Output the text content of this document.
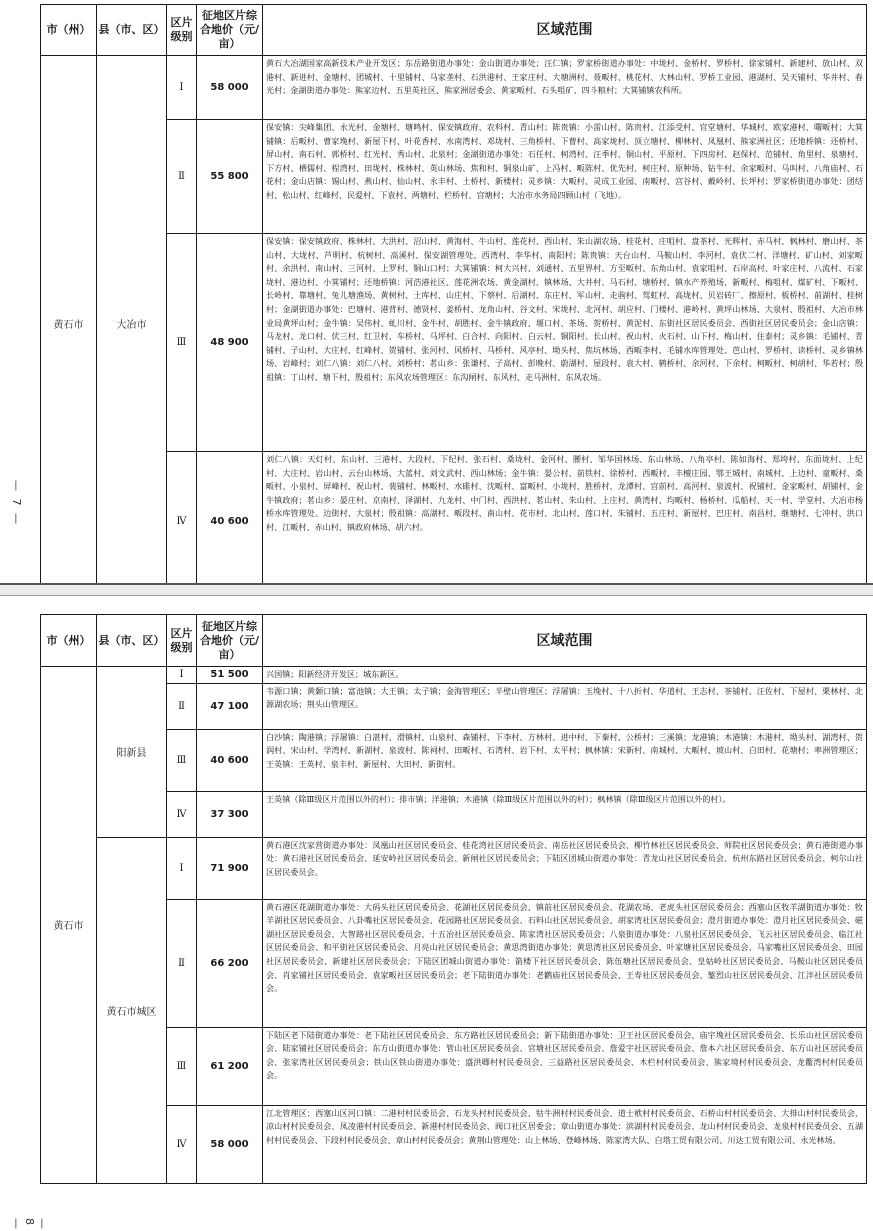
— 7 —
市（州）	县（市、区）	区片级别	征地区片综合地价（元/亩）	区域范围
黄石市	大冶市	Ⅰ	58 000	黄石大冶湖国家高新技术产业开发区；东岳路街道办事处：金山街道办事处；汪仁镇；罗家桥街道办事处：中垅村、金桥村、罗桥村、徐家铺村、新建村、放山村、双港村、新进村、金塘村、团城村、十里铺村、马家垄村、石洪港村、王家庄村、大塘洲村、聂畈村、桃花村、大林山村、罗桥工业园、港湖村、吴天铺村、华井村、春光村；金湖街道办事处：熊家边村、五里英社区、熊家洲居委会、黄家畈村、石头咀矿、四斗粮村；大箕铺镇农科所。
		Ⅱ	55 800	保安镇：尖峰集团、永光村、金塘村、塘鸣村、保安镇政府、农科村、青山村；陈贵镇：小雷山村、陈贵村、江添受村、官堂塘村、华城村、欧家港村、曙畈村；大箕铺镇：后畈村、曹家堍村、新屋下村、叶花香村、水南湾村、邓垅村、三角桥村、下曹村、高家垅村、顶立塘村、柳林村、凤凰村、熊家洲社区；还地桥镇：还桥村、屏山村、南石村、郭桥村、红光村、秀山村、北泉村；金湖街道办事处：石任村、柯湾村、汪季村、铜山村、平原村、下四房村、赵保村、范铺村、角里村、泉塘村、下方村、栖儒村、程湾村、田垅村、株林村、英山林场、焦和村、铜泉山矿、上冯村、畈陈村、优先村、柯庄村、原种场、钻牛村、余家畈村、马叫村、八角庙村、石花村；金山店镇：锡山村、燕山村、仙山村、永丰村、土桥村、新楼村；灵乡镇：大畈村、灵成工业园、南畈村、宫谷村、戴岭村、长坪村；罗家桥街道办事处：团结村、松山村、红峰村、民爱村、下袁村、两塘村、栏桥村、宫塘村；大冶市水务局四顾山村（飞地）。
		Ⅲ	48 900	保安镇：保安镇政府、株林村、大洪村、沼山村、黄海村、牛山村、莲花村、西山村、朱山湖农场、桂花村、庄咀村、盘茶村、光辉村、赤马村、枫林村、磨山村、茶山村、大垅村、芦明村、杭树村、高溪村、保安湖管理处、西湾村、李华村、南阳村；陈贵镇：天台山村、马鞍山村、李河村、袁伏二村、洋塘村、矿山村、刘家畈村、余洪村、南山村、三河村、上罗村、铜山口村；大箕铺镇：柯大兴村、刘通村、五里界村、方至畈村、东角山村、袁家咀村、石岸高村、叶家庄村、八流村、石家垅村、港边村、小箕铺村；还地桥镇：河浩港社区、莲花洲农场、黄金湖村、镇林场、大井村、马石村、塘桥村、镇水产养殖场、新畈村、梅咀村、煤矿村、下畈村、长岭村、靠塘村、兔儿塘渔场、黄树村、土库村、山庄村、下蔡村、后湖村、东庄村、军山村、走驹村、驾虹村、高垅村、贝岩砖厂、擦原村、板桥村、前湖村、桂树村；金湖街道办事处：巴塘村、港背村、德贤村、姜桥村、龙角山村、谷文村、宋垅村、北河村、胡应村、门楼村、港岭村、黄坪山林场、大泉村、殷祖村、大冶市林业局黄坪山村；金牛镇：吴伟村、虬川村、金牛村、胡胜村、金牛镇政府、堰口村、茶场、贺桥村、黄泥村、东街社区居民委员会、西街社区居民委员会；金山店镇：马龙村、龙口村、伏三村、红卫村、车桥村、马坪村、白合村、向阳村、白云村、铜阳村、长山村、祝山村、火石村、山下村、梅山村、住泰村；灵乡镇：毛铺村、青铺村、子山村、大庄村、红峰村、贺铺村、张河村、风桥村、马桥村、风亭村、坳头村、焦坑林场、西畈李村、毛铺水库管理处、芭山村、罗桥村、读桥村、灵乡镇林场、岩峰村；刘仁八镇：刘仁八村、刘桥村；茗山乡：张谦村、子高村、彭晚村、蔚湖村、屋段村、袁大村、鹤桥村、余河村、下余村、柯畈村、柯胡村、华若村；殷祖镇：丁山村、塘下村、殷祖村；东风农场管理区：东沟闸村、东风村、走马洲村、东风农场。
		Ⅳ	40 600	刘仁八镇：天灯村、东山村、三港村、大段村、下纪村、张石村、桑垅村、金河村、腰村、邹华国林场、东山林场、八角亭村、陈如海村、郑垮村、东面垅村、上纪村、大庄村、岩山村、云台山林场、大蓝村、刘文武村、西山林场；金牛镇：晏公村、前铁村、徐桥村、西畈村、丰檀庄园、鄂王城村、南城村、上边村、童畈村、桑畈村、小泉村、屏峰村、祝山村、裴铺村、林畈村、水碓村、沈畈村、富畈村、小垅村、胜桥村、龙潭村、宫前村、高河村、泉波村、祝铺村、金家畈村、胡铺村、金牛镇政府；茗山乡：晏庄村、京南村、泽湖村、九龙村、中门村、西洪村、茗山村、朱山村、上庄村、黄湾村、均畈村、杨桥村、瓜船村、天一村、学堂村、大冶市杨桥水库管理处、边街村、大泉村；殷祖镇：高湖村、畈段村、南山村、花市村、北山村、莲口村、朱铺村、五庄村、新屋村、巴庄村、南昌村、继塘村、七冲村、洪口村、江畈村、赤山村、镇政府林场、胡六村。
— 8 —
市（州）	县（市、区）	区片级别	征地区片综合地价（元/亩）	区域范围
黄石市	阳新县	Ⅰ	51 500	兴国镇；阳新经济开发区；城东新区。
		Ⅱ	47 100	韦源口镇；黄颡口镇；富池镇；大王镇；太子镇；金海管理区；半壁山管理区；浮屠镇：玉堍村、十八折村、华道村、王志村、茶铺村、汪佐村、下屋村、栗林村、北源湖农场；荆头山管理区。
		Ⅲ	40 600	白沙镇；陶港镇；浮屠镇：白湛村、滑镇村、山泉村、森铺村、下李村、方林村、进中村、下秦村、公桥村；三溪镇；龙港镇；木港镇：木港村、坳头村、湖湾村、贺润村、宋山村、学湾村、新湖村、泉波村、陈祠村、田畈村、石湾村、岩下村、太平村；枫林镇：宋新村、南城村、大畈村、坡山村、白田村、花塘村；率洲管理区；王英镇：王英村、泉丰村、新屋村、大田村、新街村。
		Ⅳ	37 300	王英镇（除Ⅲ级区片范围以外的村）；排市镇；洋港镇；木港镇（除Ⅲ级区片范围以外的村）；枫林镇（除Ⅲ级区片范围以外的村）。
	黄石市城区	Ⅰ	71 900	黄石港区沈家营街道办事处：凤凰山社区居民委员会、桂花湾社区居民委员会、南岳社区居民委员会、柳竹林社区居民委员会、师院社区居民委员会；黄石港街道办事处：黄石港社区居民委员会、延安岭社区居民委员会、新闸社区居民委员会；下陆区团城山街道办事处：青龙山社区居民委员会、杭州东路社区居民委员会、柯尔山社区居民委员会。
		Ⅱ	66 200	黄石港区花湖街道办事处：大码头社区居民委员会、花湖社区居民委员会、镇前社区居民委员会、花湖农场、老虎头社区居民委员会；西塞山区牧羊湖街道办事处：牧羊湖社区居民委员会、八卦嘴社区居民委员会、花园路社区居民委员会、石料山社区居民委员会、胡家湾社区居民委员会；澄月街道办事处：澄月社区居民委员会、磁湖社区居民委员会、大智路社区居民委员会、十五冶社区居民委员会、陈家湾社区居民委员会；八泉街道办事处：八泉社区居民委员会、飞云社区居民委员会、临江社区居民委员会、和平街社区居民委员会、月亮山社区居民委员会；黄思湾街道办事处：黄思湾社区居民委员会、叶家塘社区居民委员会、马家嘴社区居民委员会、田园社区居民委员会、新建社区居民委员会；下陆区团城山街道办事处：箭楼下社区居民委员会、陈伍塘社区居民委员会、皇姑岭社区居民委员会、马鞍山社区居民委员会、肖家铺社区居民委员会、袁家畈社区居民委员会；老下陆街道办事处：老鹳庙社区居民委员会、王寿社区居民委员会、錾烈山社区居民委员会、江泮社区居民委员会。
		Ⅲ	61 200	下陆区老下陆街道办事处：老下陆社区居民委员会、东方路社区居民委员会；新下陆街道办事处：卫王社区居民委员会、庙宇堍社区居民委员会、长乐山社区居民委员会、陆家铺社区居民委员会；东方山街道办事处：管山社区居民委员会、官塘社区居民委员会、詹爱宇社区居民委员会、詹本六社区居民委员会、东方山社区居民委员会、张家湾社区居民委员会；铁山区铁山街道办事处：盛洪卿村村民委员会、三益路社区居民委员会、木栏村村民委员会、熊家境村村民委员会、龙衢湾村村民委员会。
		Ⅳ	58 000	江北管理区；西塞山区河口镇：二港村村民委员会、石龙头村村民委员会、牯牛洲村村民委员会、道士袱村村民委员会、石桥山村村民委员会、大排山村村民委员会、凉山村村民委员会、凤凌港村村民委员会、新港村村民委员会、阀口社区居委会；章山街道办事处：滨湖村村民委员会、龙山村村民委员会、龙泉村村民委员会、五湖村村民委员会、下段村村民委员会、章山村村民委员会；黄荆山管理处：山上林场、登峰林场、陈家湾大队、白塔工贸有限公司、川达工贸有限公司、永光林场。
